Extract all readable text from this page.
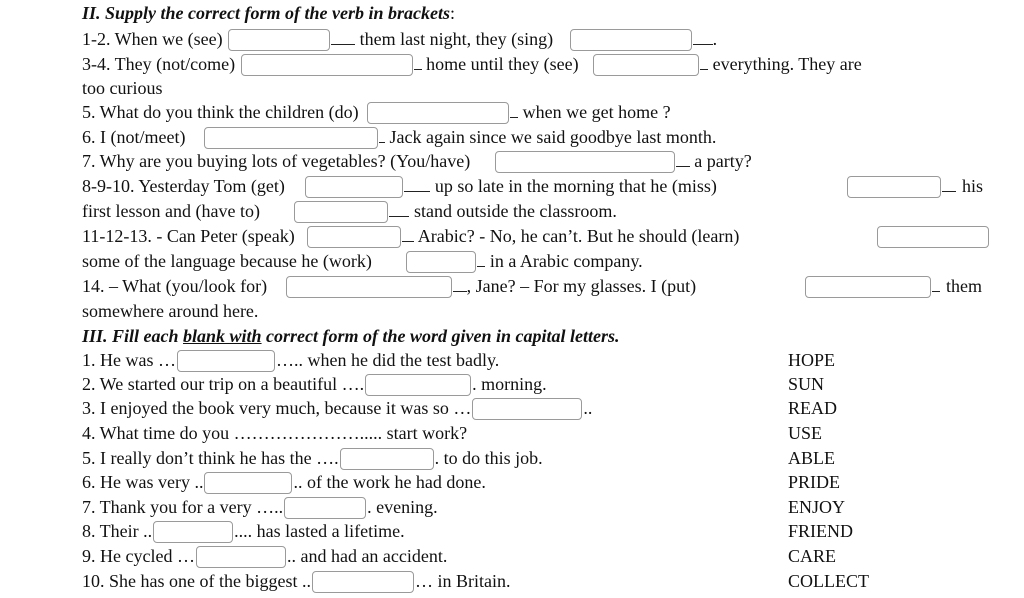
II. Supply the correct form of the verb in brackets:
1-2. When we (see)	them last night, they (sing)	.
3-4. They (not/come)	home until they (see)	everything. They are
too curious
5. What do you think the children (do)	when we get home ?
6. I (not/meet)	Jack again since we said goodbye last month.
7. Why are you buying lots of vegetables? (You/have)	a party?
8-9-10. Yesterday Tom (get)	up so late in the morning that he (miss)	his
first lesson and (have to)	stand outside the classroom.
11-12-13. - Can Peter (speak)	Arabic? - No, he can’t. But he should (learn)
some of the language because he (work)	in a Arabic company.
14. – What (you/look for)	, Jane? – For my glasses. I (put)	them
somewhere around here.
III. Fill each blank with correct form of the word given in capital letters.
1. He was …	….. when he did the test badly.	HOPE
2. We started our trip on a beautiful ….	. morning.	SUN
3. I enjoyed the book very much, because it was so …	..	READ
4. What time do you …………………..... start work?	USE
5. I really don’t think he has the ….	. to do this job.	ABLE
6. He was very ..	.. of the work he had done.	PRIDE
7. Thank you for a very …..	. evening.	ENJOY
8. Their ..	.... has lasted a lifetime.	FRIEND
9. He cycled …	.. and had an accident.	CARE
10. She has one of the biggest ..	… in Britain.	COLLECT
